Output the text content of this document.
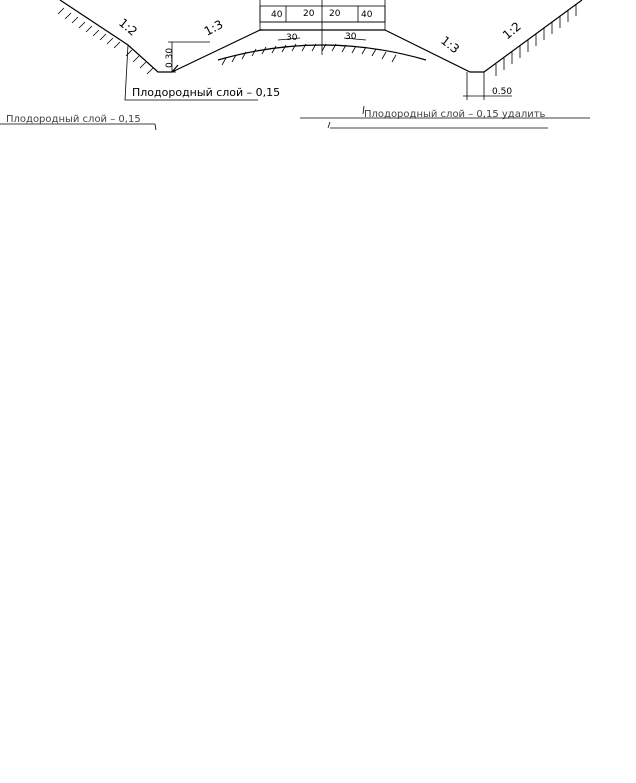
1:2	1:3
1:3
1:2
40 20 20 40
30	30
0.30
0.50
Плодородный слой – 0,15
Плодородный слой – 0,15	Плодородный слой – 0,15 удалить
